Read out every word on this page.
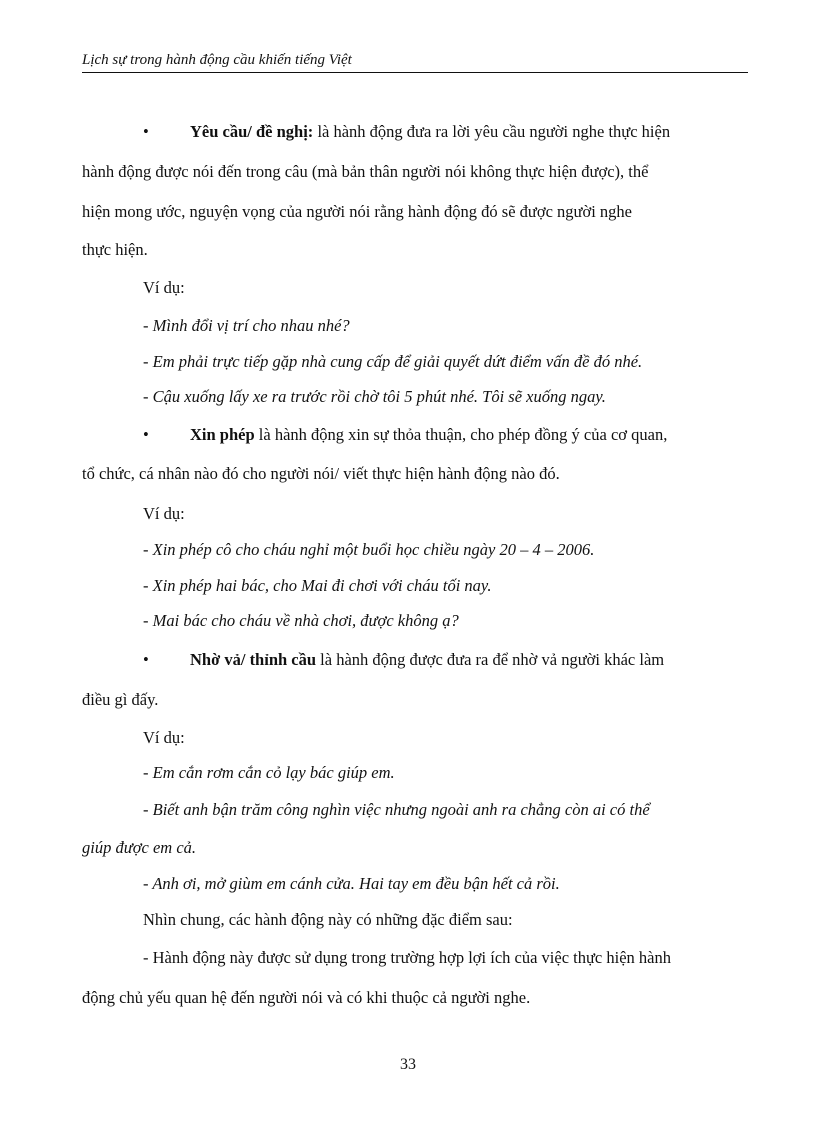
Lịch sự trong hành động cầu khiến tiếng Việt
• Yêu cầu/ đề nghị: là hành động đưa ra lời yêu cầu người nghe thực hiện
hành động được nói đến trong câu (mà bản thân người nói không thực hiện được), thể
hiện mong ước, nguyện vọng của người nói rằng hành động đó sẽ được người nghe
thực hiện.
Ví dụ:
- Mình đổi vị trí cho nhau nhé?
- Em phải trực tiếp gặp nhà cung cấp để giải quyết dứt điểm vấn đề đó nhé.
- Cậu xuống lấy xe ra trước rồi chờ tôi 5 phút nhé. Tôi sẽ xuống ngay.
• Xin phép là hành động xin sự thỏa thuận, cho phép đồng ý của cơ quan,
tổ chức, cá nhân nào đó cho người nói/ viết thực hiện hành động nào đó.
Ví dụ:
- Xin phép cô cho cháu nghỉ một buổi học chiều ngày 20 – 4 – 2006.
- Xin phép hai bác, cho Mai đi chơi với cháu tối nay.
- Mai bác cho cháu về nhà chơi, được không ạ?
• Nhờ vả/ thỉnh cầu là hành động được đưa ra để nhờ vả người khác làm
điều gì đấy.
Ví dụ:
- Em cắn rơm cắn cỏ lạy bác giúp em.
- Biết anh bận trăm công nghìn việc nhưng ngoài anh ra chẳng còn ai có thể
giúp được em cả.
- Anh ơi, mở giùm em cánh cửa. Hai tay em đều bận hết cả rồi.
Nhìn chung, các hành động này có những đặc điểm sau:
- Hành động này được sử dụng trong trường hợp lợi ích của việc thực hiện hành
động chủ yếu quan hệ đến người nói và có khi thuộc cả người nghe.
33
